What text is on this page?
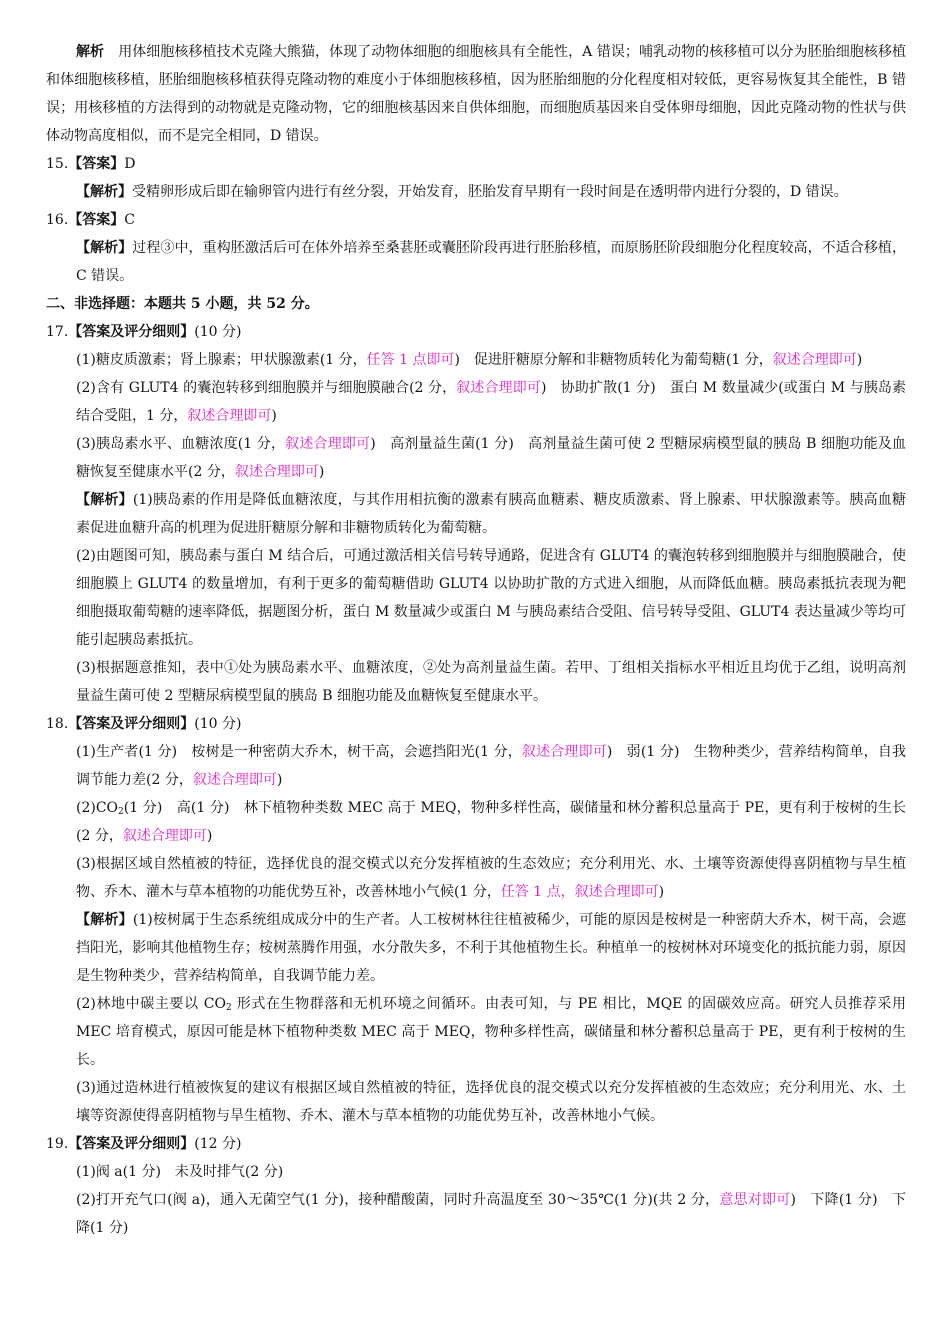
解析　 用体细胞核移植技术克隆大熊猫，体现了动物体细胞的细胞核具有全能性，A 错误；哺乳动物的核移植可以分为胚胎细胞核移植和体细胞核移植，胚胎细胞核移植获得克隆动物的难度小于体细胞核移植，因为胚胎细胞的分化程度相对较低，更容易恢复其全能性，B 错误；用核移植的方法得到的动物就是克隆动物，它的细胞核基因来自供体细胞，而细胞质基因来自受体卵母细胞，因此克隆动物的性状与供体动物高度相似，而不是完全相同，D 错误。

15.【答案】D

【解析】受精卵形成后即在输卵管内进行有丝分裂，开始发育，胚胎发育早期有一段时间是在透明带内进行分裂的，D 错误。

16.【答案】C

【解析】过程③中，重构胚激活后可在体外培养至桑葚胚或囊胚阶段再进行胚胎移植，而原肠胚阶段细胞分化程度较高，不适合移植，C 错误。

二、非选择题：本题共 5 小题，共 52 分。

17.【答案及评分细则】(10 分)

(1)糖皮质激素；肾上腺素；甲状腺激素(1 分，任答 1 点即可)　促进肝糖原分解和非糖物质转化为葡萄糖(1 分，叙述合理即可)

(2)含有 GLUT4 的囊泡转移到细胞膜并与细胞膜融合(2 分，叙述合理即可)　协助扩散(1 分)　蛋白 M 数量减少(或蛋白 M 与胰岛素结合受阻，1 分，叙述合理即可)

(3)胰岛素水平、血糖浓度(1 分，叙述合理即可)　高剂量益生菌(1 分)　高剂量益生菌可使 2 型糖尿病模型鼠的胰岛 B 细胞功能及血糖恢复至健康水平(2 分，叙述合理即可)

【解析】(1)胰岛素的作用是降低血糖浓度，与其作用相抗衡的激素有胰高血糖素、糖皮质激素、肾上腺素、甲状腺激素等。胰高血糖素促进血糖升高的机理为促进肝糖原分解和非糖物质转化为葡萄糖。

(2)由题图可知，胰岛素与蛋白 M 结合后，可通过激活相关信号转导通路，促进含有 GLUT4 的囊泡转移到细胞膜并与细胞膜融合，使细胞膜上 GLUT4 的数量增加，有利于更多的葡萄糖借助 GLUT4 以协助扩散的方式进入细胞，从而降低血糖。胰岛素抵抗表现为靶细胞摄取葡萄糖的速率降低，据题图分析，蛋白 M 数量减少或蛋白 M 与胰岛素结合受阻、信号转导受阻、GLUT4 表达量减少等均可能引起胰岛素抵抗。

(3)根据题意推知，表中①处为胰岛素水平、血糖浓度，②处为高剂量益生菌。若甲、丁组相关指标水平相近且均优于乙组，说明高剂量益生菌可使 2 型糖尿病模型鼠的胰岛 B 细胞功能及血糖恢复至健康水平。

18.【答案及评分细则】(10 分)

(1)生产者(1 分)　桉树是一种密荫大乔木，树干高，会遮挡阳光(1 分，叙述合理即可)　弱(1 分)　生物种类少，营养结构简单，自我调节能力差(2 分，叙述合理即可)

$(2)CO_2(1$ 分)　高(1 分)　林下植物种类数 MEC 高于 MEQ，物种多样性高，碳储量和林分蓄积总量高于 PE，更有利于桉树的生长(2 分，叙述合理即可)

(3)根据区域自然植被的特征，选择优良的混交模式以充分发挥植被的生态效应；充分利用光、水、土壤等资源使得喜阴植物与旱生植物、乔木、灌木与草本植物的功能优势互补，改善林地小气候(1 分，任答 1 点，叙述合理即可)

【解析】(1)桉树属于生态系统组成成分中的生产者。人工桉树林往往植被稀少，可能的原因是桉树是一种密荫大乔木，树干高，会遮挡阳光，影响其他植物生存；桉树蒸腾作用强，水分散失多，不利于其他植物生长。种植单一的桉树林对环境变化的抵抗能力弱，原因是生物种类少，营养结构简单，自我调节能力差。

(2)林地中碳主要以 $CO_2$ 形式在生物群落和无机环境之间循环。由表可知，与 PE 相比，MQE 的固碳效应高。研究人员推荐采用 MEC 培育模式，原因可能是林下植物种类数 MEC 高于 MEQ，物种多样性高，碳储量和林分蓄积总量高于 PE，更有利于桉树的生长。

(3)通过造林进行植被恢复的建议有根据区域自然植被的特征，选择优良的混交模式以充分发挥植被的生态效应；充分利用光、水、土壤等资源使得喜阴植物与旱生植物、乔木、灌木与草本植物的功能优势互补，改善林地小气候。

19.【答案及评分细则】(12 分)

(1)阀 a(1 分)　未及时排气(2 分)

(2)打开充气口(阀 a)，通入无菌空气(1 分)，接种醋酸菌，同时升高温度至 30～35℃(1 分)(共 2 分，意思对即可)　下降(1 分)　下降(1 分)
